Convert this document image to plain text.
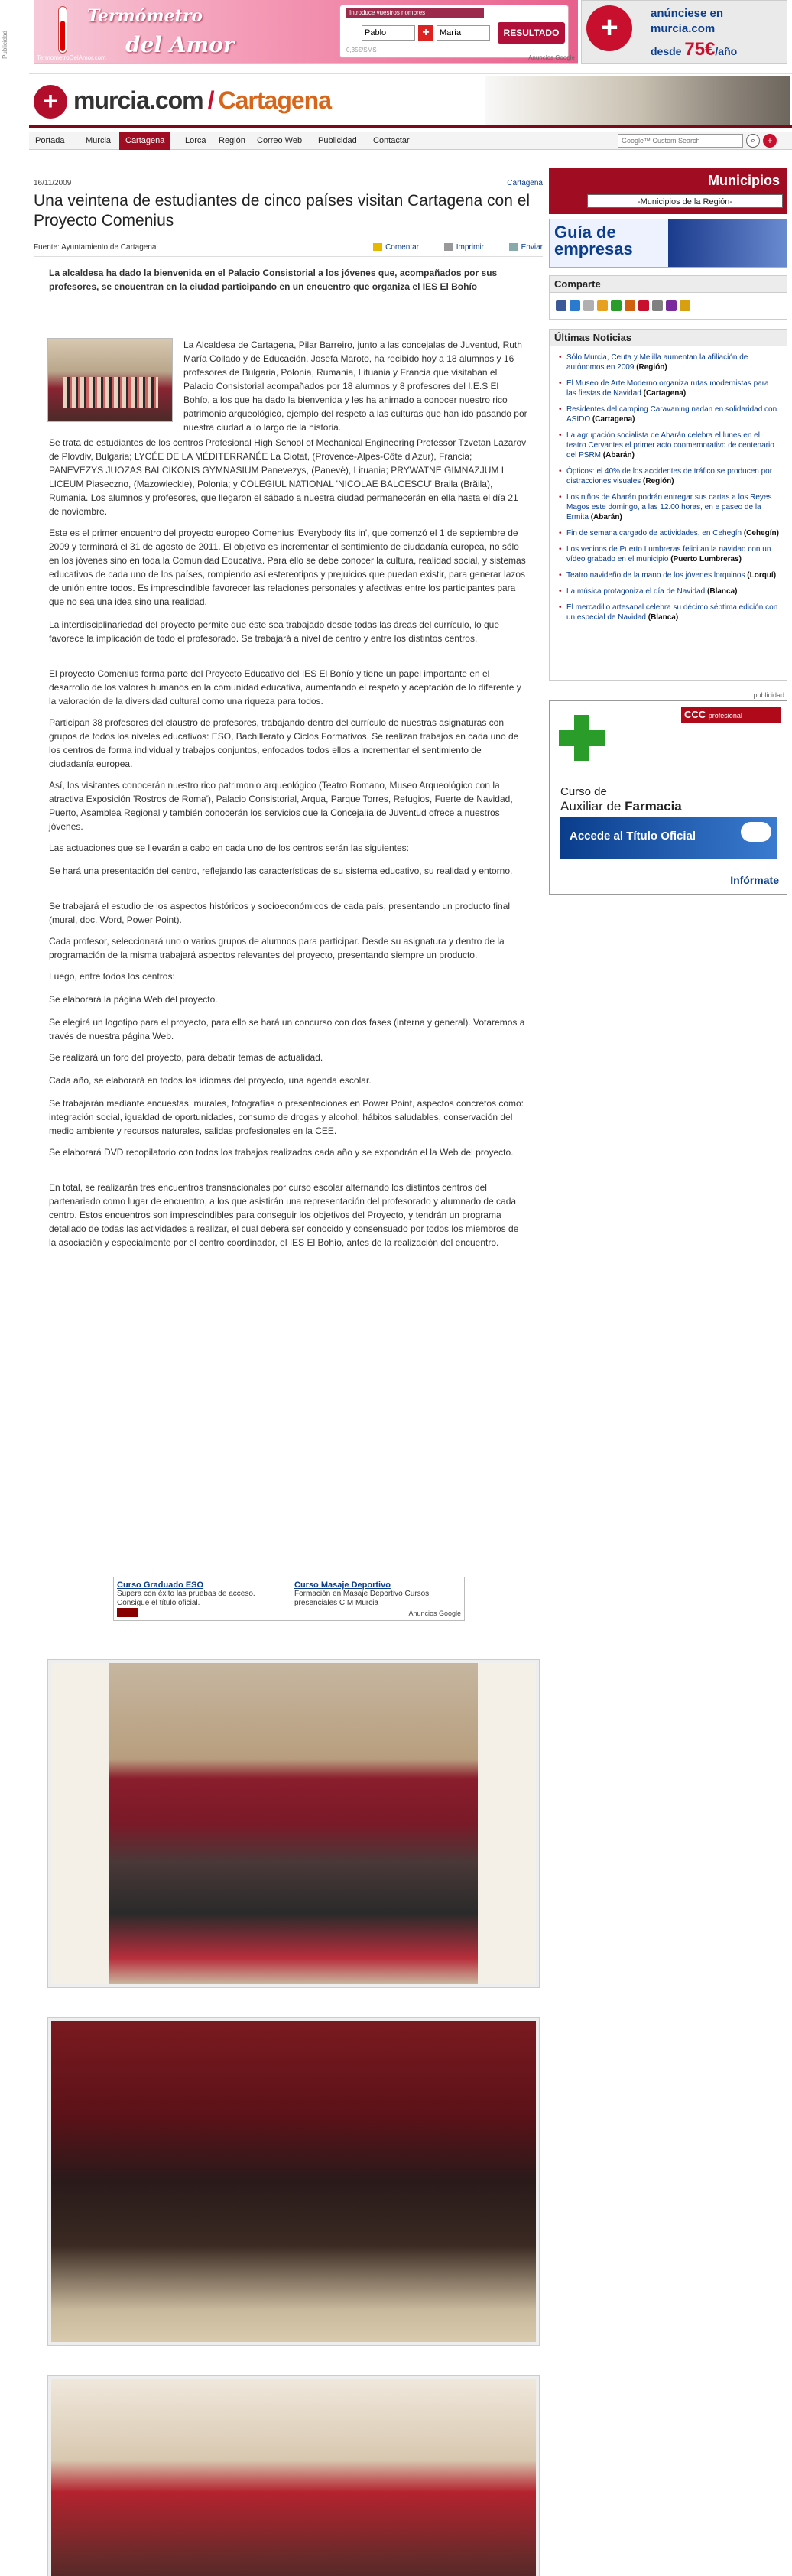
Publicidad
Termómetro
del Amor
TermometroDelAmor.com
Introduce vuestros nombres
Pablo
+
María	RESULTADO
0,35€/SMS
Anuncios Google
+	anúnciese en
murcia.com
desde 75€/año
+ murcia.com / Cartagena
Portada	Murcia	Cartagena	Lorca	Región	Correo Web	Publicidad	Contactar
Google™ Custom Search	⌕	+
16/11/2009	Cartagena
Una veintena de estudiantes de cinco países visitan Cartagena con el Proyecto Comenius
Fuente: Ayuntamiento de Cartagena	Comentar	Imprimir	Enviar
La alcaldesa ha dado la bienvenida en el Palacio Consistorial a los jóvenes que, acompañados por sus profesores, se encuentran en la ciudad participando en un encuentro que organiza el IES El Bohío
La Alcaldesa de Cartagena, Pilar Barreiro, junto a las concejalas de Juventud, Ruth María Collado y de Educación, Josefa Maroto, ha recibido hoy a 18 alumnos y 16 profesores de Bulgaria, Polonia, Rumania, Lituania y Francia que visitaban el Palacio Consistorial acompañados por 18 alumnos y 8 profesores del I.E.S El Bohío, a los que ha dado la bienvenida y les ha animado a conocer nuestro rico patrimonio arqueológico, ejemplo del respeto a las culturas que han ido pasando por nuestra ciudad a lo largo de la historia.
Se trata de estudiantes de los centros Profesional High School of Mechanical Engineering Professor Tzvetan Lazarov de Plovdiv, Bulgaria; LYCÉE DE LA MÉDITERRANÉE La Ciotat, (Provence-Alpes-Côte d'Azur), Francia; PANEVEZYS JUOZAS BALCIKONIS GYMNASIUM Panevezys, (Panevė), Lituania; PRYWATNE GIMNAZJUM I LICEUM Piaseczno, (Mazowieckie), Polonia; y COLEGIUL NATIONAL 'NICOLAE BALCESCU' Braila (Brăila), Rumania. Los alumnos y profesores, que llegaron el sábado a nuestra ciudad permanecerán en ella hasta el día 21 de noviembre.
Este es el primer encuentro del proyecto europeo Comenius 'Everybody fits in', que comenzó el 1 de septiembre de 2009 y terminará el 31 de agosto de 2011. El objetivo es incrementar el sentimiento de ciudadanía europea, no sólo en los jóvenes sino en toda la Comunidad Educativa. Para ello se debe conocer la cultura, realidad social, y sistemas educativos de cada uno de los países, rompiendo así estereotipos y prejuicios que puedan existir, para generar lazos de unión entre todos. Es imprescindible favorecer las relaciones personales y afectivas entre los participantes para que no sea una idea sino una realidad.
La interdisciplinariedad del proyecto permite que éste sea trabajado desde todas las áreas del currículo, lo que favorece la implicación de todo el profesorado. Se trabajará a nivel de centro y entre los distintos centros.
El proyecto Comenius forma parte del Proyecto Educativo del IES El Bohío y tiene un papel importante en el desarrollo de los valores humanos en la comunidad educativa, aumentando el respeto y aceptación de lo diferente y la valoración de la diversidad cultural como una riqueza para todos.
Participan 38 profesores del claustro de profesores, trabajando dentro del currículo de nuestras asignaturas con grupos de todos los niveles educativos: ESO, Bachillerato y Ciclos Formativos. Se realizan trabajos en cada uno de los centros de forma individual y trabajos conjuntos, enfocados todos ellos a incrementar el sentimiento de ciudadanía europea.
Así, los visitantes conocerán nuestro rico patrimonio arqueológico (Teatro Romano, Museo Arqueológico con la atractiva Exposición 'Rostros de Roma'), Palacio Consistorial, Arqua, Parque Torres, Refugios, Fuerte de Navidad, Puerto, Asamblea Regional y también conocerán los servicios que la Concejalía de Juventud ofrece a nuestros jóvenes.
Las actuaciones que se llevarán a cabo en cada uno de los centros serán las siguientes:
Se hará una presentación del centro, reflejando las características de su sistema educativo, su realidad y entorno.
Se trabajará el estudio de los aspectos históricos y socioeconómicos de cada país, presentando un producto final (mural, doc. Word, Power Point).
Cada profesor, seleccionará uno o varios grupos de alumnos para participar. Desde su asignatura y dentro de la programación de la misma trabajará aspectos relevantes del proyecto, presentando siempre un producto.
Luego, entre todos los centros:
Se elaborará la página Web del proyecto.
Se elegirá un logotipo para el proyecto, para ello se hará un concurso con dos fases (interna y general). Votaremos a través de nuestra página Web.
Se realizará un foro del proyecto, para debatir temas de actualidad.
Cada año, se elaborará en todos los idiomas del proyecto, una agenda escolar.
Se trabajarán mediante encuestas, murales, fotografías o presentaciones en Power Point, aspectos concretos como: integración social, igualdad de oportunidades, consumo de drogas y alcohol, hábitos saludables, conservación del medio ambiente y recursos naturales, salidas profesionales en la CEE.
Se elaborará DVD recopilatorio con todos los trabajos realizados cada año y se expondrán el la Web del proyecto.
En total, se realizarán tres encuentros transnacionales por curso escolar alternando los distintos centros del partenariado como lugar de encuentro, a los que asistirán una representación del profesorado y alumnado de cada centro. Estos encuentros son imprescindibles para conseguir los objetivos del Proyecto, y tendrán un programa detallado de todas las actividades a realizar, el cual deberá ser conocido y consensuado por todos los miembros de la asociación y especialmente por el centro coordinador, el IES El Bohío, antes de la realización del encuentro.
Curso Graduado ESO
Supera con éxito las pruebas de acceso. Consigue el título oficial.
Curso Masaje Deportivo
Formación en Masaje Deportivo Cursos presenciales CIM Murcia
Anuncios Google
Municipios
-Municipios de la Región-
Guía de
empresas
Comparte
Últimas Noticias
• Sólo Murcia, Ceuta y Melilla aumentan la afiliación de autónomos en 2009 (Región)
• El Museo de Arte Moderno organiza rutas modernistas para las fiestas de Navidad (Cartagena)
• Residentes del camping Caravaning nadan en solidaridad con ASIDO (Cartagena)
• La agrupación socialista de Abarán celebra el lunes en el teatro Cervantes el primer acto conmemorativo de centenario del PSRM (Abarán)
• Ópticos: el 40% de los accidentes de tráfico se producen por distracciones visuales (Región)
• Los niños de Abarán podrán entregar sus cartas a los Reyes Magos este domingo, a las 12.00 horas, en e paseo de la Ermita (Abarán)
• Fin de semana cargado de actividades, en Cehegín (Cehegín)
• Los vecinos de Puerto Lumbreras felicitan la navidad con un vídeo grabado en el municipio (Puerto Lumbreras)
• Teatro navideño de la mano de los jóvenes lorquinos (Lorquí)
• La música protagoniza el día de Navidad (Blanca)
• El mercadillo artesanal celebra su décimo séptima edición con un especial de Navidad (Blanca)
publicidad
CCC profesional
Curso de
Auxiliar de Farmacia
Accede al Título Oficial
Infórmate
